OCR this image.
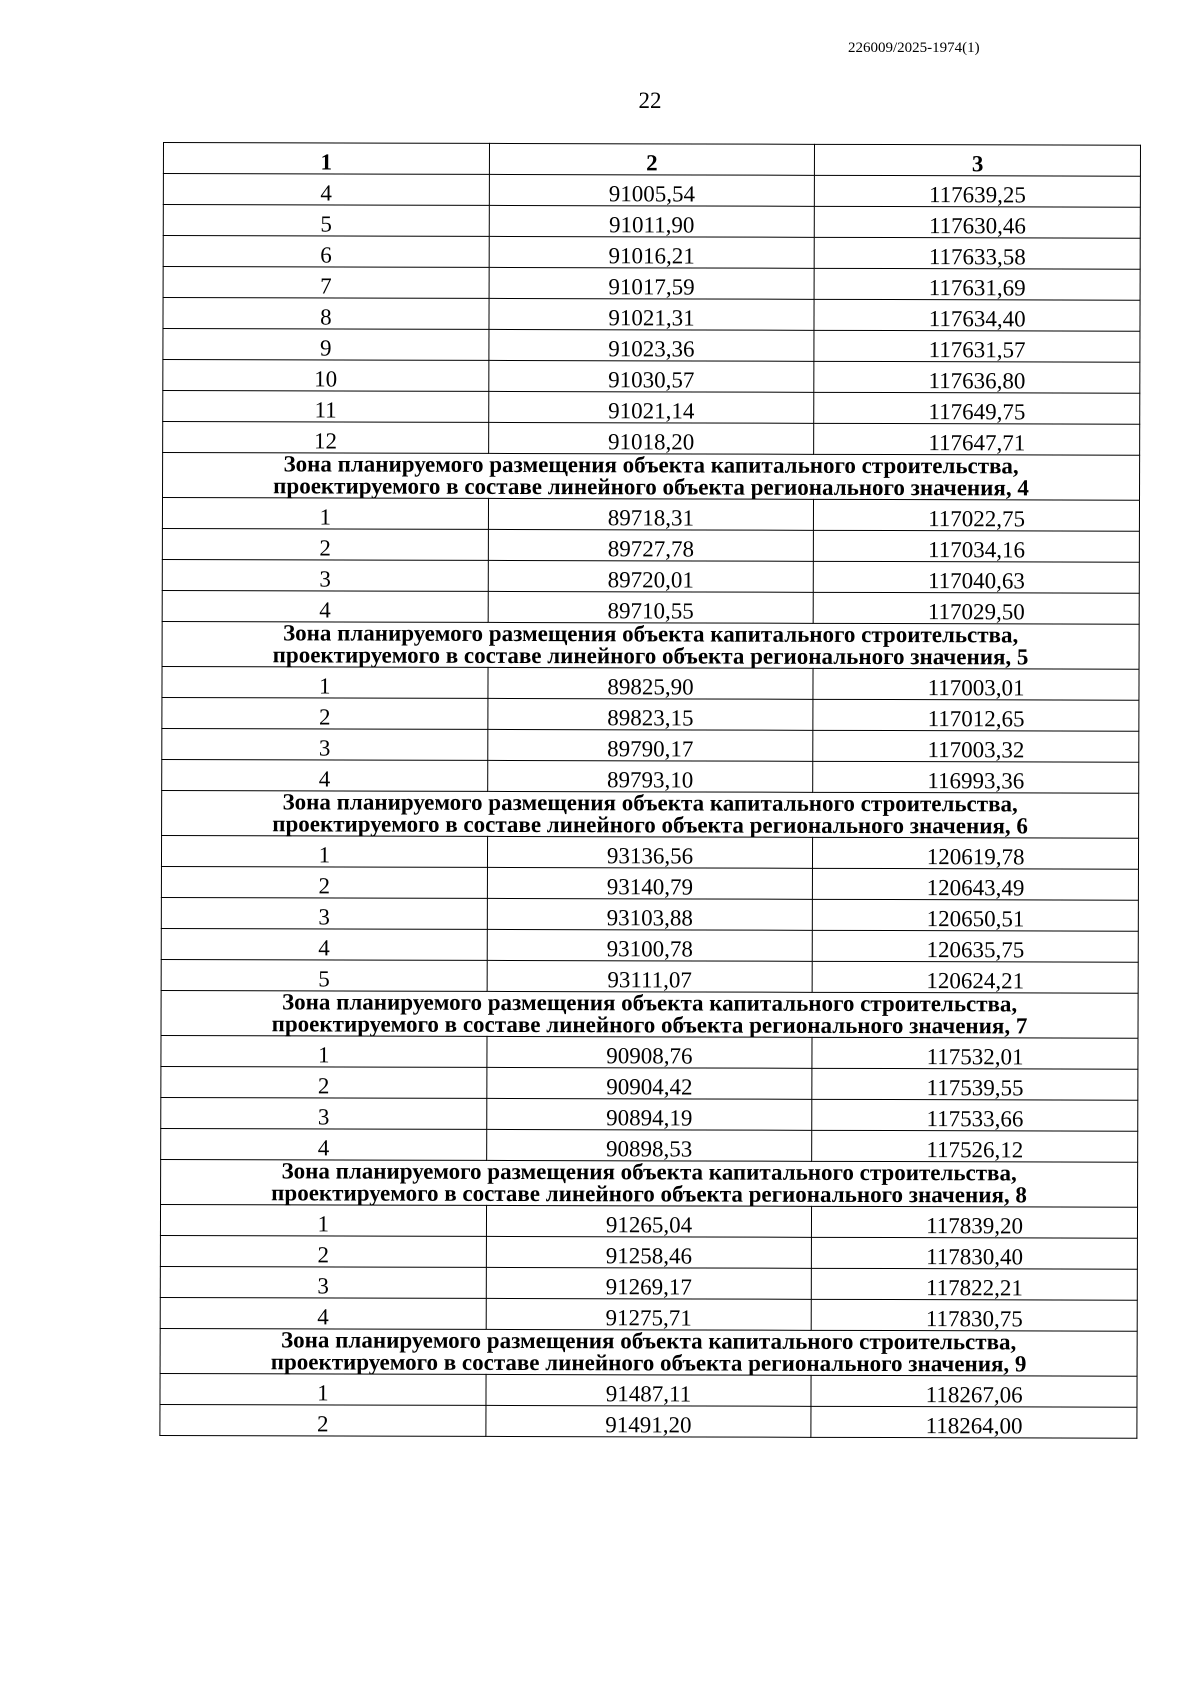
226009/2025-1974(1)
22
1	2	3
4	91005,54	117639,25
5	91011,90	117630,46
6	91016,21	117633,58
7	91017,59	117631,69
8	91021,31	117634,40
9	91023,36	117631,57
10	91030,57	117636,80
11	91021,14	117649,75
12	91018,20	117647,71

Зона планируемого размещения объекта капитального строительства,
проектируемого в составе линейного объекта регионального значения, 4		

1	89718,31	117022,75
2	89727,78	117034,16
3	89720,01	117040,63
4	89710,55	117029,50

Зона планируемого размещения объекта капитального строительства,
проектируемого в составе линейного объекта регионального значения, 5		

1	89825,90	117003,01
2	89823,15	117012,65
3	89790,17	117003,32
4	89793,10	116993,36

Зона планируемого размещения объекта капитального строительства,
проектируемого в составе линейного объекта регионального значения, 6		

1	93136,56	120619,78
2	93140,79	120643,49
3	93103,88	120650,51
4	93100,78	120635,75
5	93111,07	120624,21

Зона планируемого размещения объекта капитального строительства,
проектируемого в составе линейного объекта регионального значения, 7		

1	90908,76	117532,01
2	90904,42	117539,55
3	90894,19	117533,66
4	90898,53	117526,12

Зона планируемого размещения объекта капитального строительства,
проектируемого в составе линейного объекта регионального значения, 8		

1	91265,04	117839,20
2	91258,46	117830,40
3	91269,17	117822,21
4	91275,71	117830,75

Зона планируемого размещения объекта капитального строительства,
проектируемого в составе линейного объекта регионального значения, 9		

1	91487,11	118267,06
2	91491,20	118264,00
